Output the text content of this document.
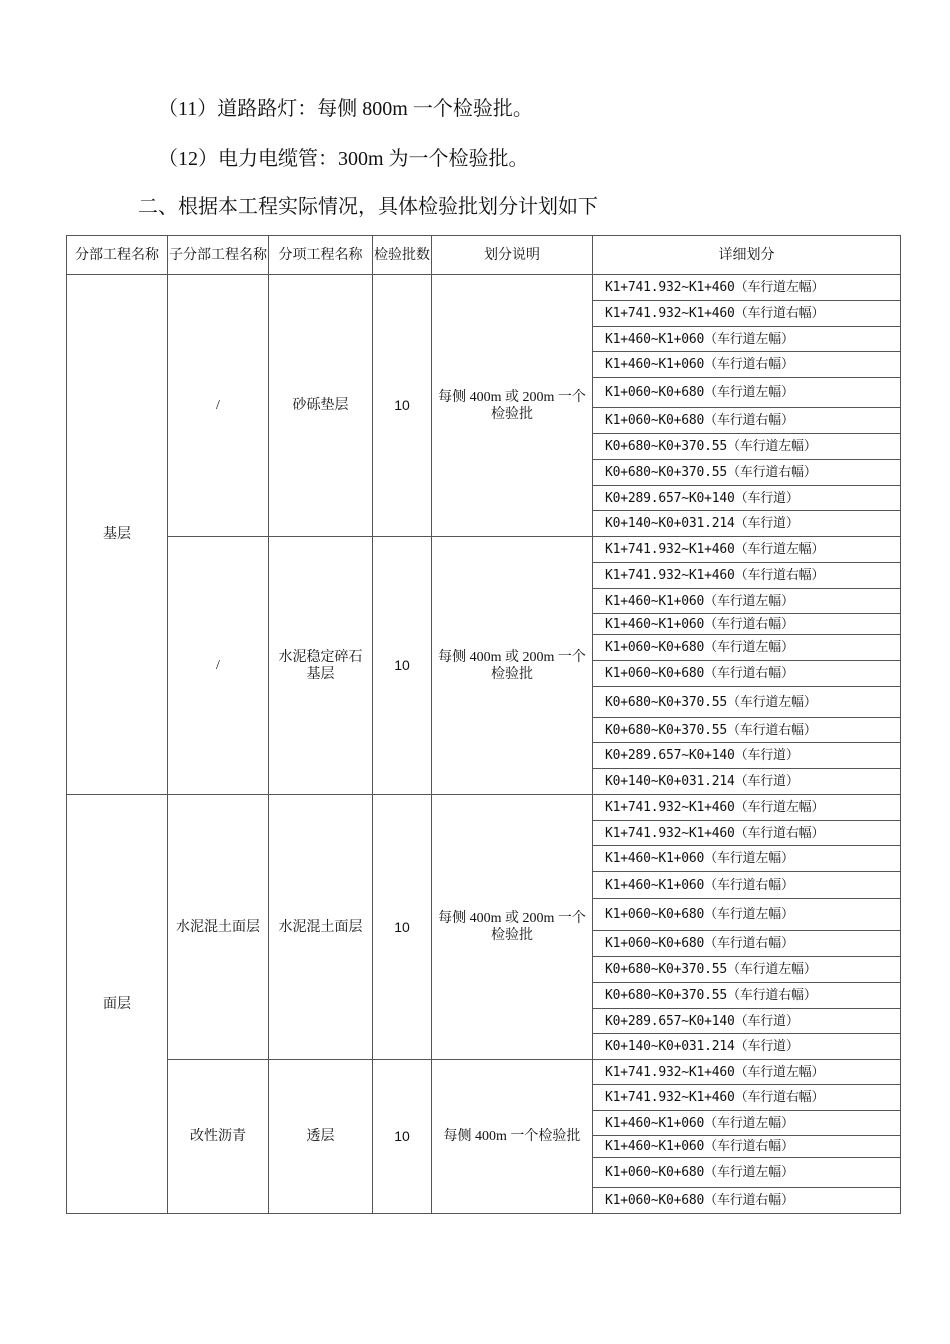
（11）道路路灯：每侧 800m 一个检验批。
（12）电力电缆管：300m 为一个检验批。
二、根据本工程实际情况，具体检验批划分计划如下
分部工程名称	子分部工程名称	分项工程名称	检验批数	划分说明	详细划分
基层	/	砂砾垫层	10	每侧 400m 或 200m 一个检验批	K1+741.932~K1+460（车行道左幅）
					K1+741.932~K1+460（车行道右幅）
					K1+460~K1+060（车行道左幅）
					K1+460~K1+060（车行道右幅）
					K1+060~K0+680（车行道左幅）
					K1+060~K0+680（车行道右幅）
					K0+680~K0+370.55（车行道左幅）
					K0+680~K0+370.55（车行道右幅）
					K0+289.657~K0+140（车行道）
					K0+140~K0+031.214（车行道）
	/	水泥稳定碎石基层	10	每侧 400m 或 200m 一个检验批	K1+741.932~K1+460（车行道左幅）
					K1+741.932~K1+460（车行道右幅）
					K1+460~K1+060（车行道左幅）
					K1+460~K1+060（车行道右幅）
					K1+060~K0+680（车行道左幅）
					K1+060~K0+680（车行道右幅）
					K0+680~K0+370.55（车行道左幅）
					K0+680~K0+370.55（车行道右幅）
					K0+289.657~K0+140（车行道）
					K0+140~K0+031.214（车行道）
面层	水泥混土面层	水泥混土面层	10	每侧 400m 或 200m 一个检验批	K1+741.932~K1+460（车行道左幅）
					K1+741.932~K1+460（车行道右幅）
					K1+460~K1+060（车行道左幅）
					K1+460~K1+060（车行道右幅）
					K1+060~K0+680（车行道左幅）
					K1+060~K0+680（车行道右幅）
					K0+680~K0+370.55（车行道左幅）
					K0+680~K0+370.55（车行道右幅）
					K0+289.657~K0+140（车行道）
					K0+140~K0+031.214（车行道）
	改性沥青	透层	10	每侧 400m 一个检验批	K1+741.932~K1+460（车行道左幅）
					K1+741.932~K1+460（车行道右幅）
					K1+460~K1+060（车行道左幅）
					K1+460~K1+060（车行道右幅）
					K1+060~K0+680（车行道左幅）
					K1+060~K0+680（车行道右幅）
